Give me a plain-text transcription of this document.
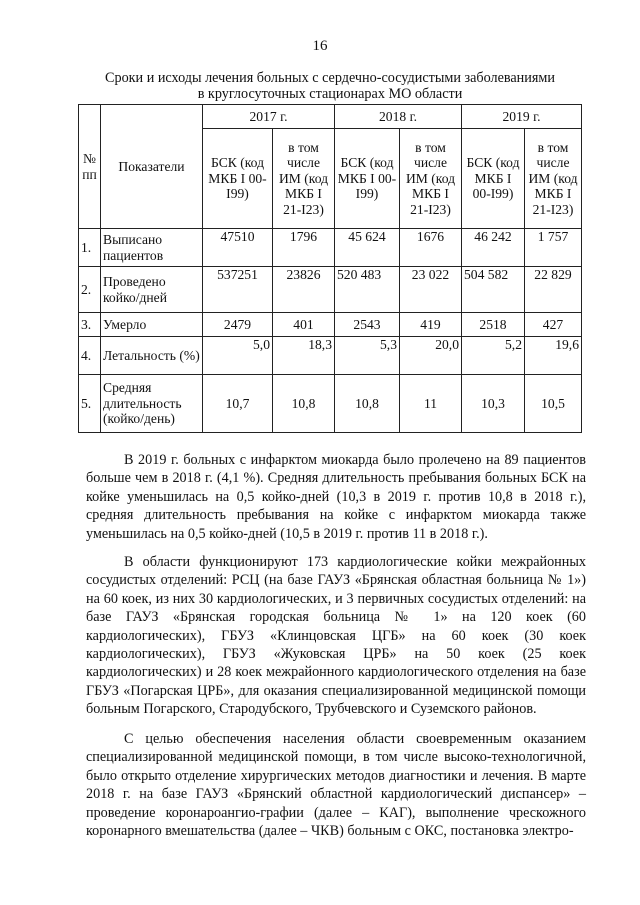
16
Сроки и исходы лечения больных с сердечно-сосудистыми заболеваниями
в круглосуточных стационарах МО области
№ пп	Показатели	2017 г.		2018 г.		2019 г.	
		БСК (код МКБ I 00-I99)	в том числе ИМ (код МКБ I 21-I23)	БСК (код МКБ I 00-I99)	в том числе ИМ (код МКБ I 21-I23)	БСК (код МКБ I 00-I99)	в том числе ИМ (код МКБ I 21-I23)
1.	Выписано пациентов	47510	1796	45 624	1676	46 242	1 757
2.	Проведено койко/дней	537251	23826	520 483	23 022	504 582	22 829
3.	Умерло	2479	401	2543	419	2518	427
4.	Летальность (%)	5,0	18,3	5,3	20,0	5,2	19,6
5.	Средняя длительность (койко/день)	10,7	10,8	10,8	11	10,3	10,5

В 2019 г. больных с инфарктом миокарда было пролечено на 89 пациентов больше чем в 2018 г. (4,1 %). Средняя длительность пребывания больных БСК на койке уменьшилась на 0,5 койко-дней (10,3 в 2019 г. против 10,8 в 2018 г.), средняя длительность пребывания на койке с инфарктом миокарда также уменьшилась на 0,5 койко-дней (10,5 в 2019 г. против 11 в 2018 г.).

В области функционируют 173 кардиологические койки межрайонных сосудистых отделений: РСЦ (на базе ГАУЗ «Брянская областная больница № 1») на 60 коек, из них 30 кардиологических, и 3 первичных сосудистых отделений: на базе ГАУЗ «Брянская городская больница № 1» на 120 коек (60 кардиологических), ГБУЗ «Клинцовская ЦГБ» на 60 коек (30 коек кардиологических), ГБУЗ «Жуковская ЦРБ» на 50 коек (25 коек кардиологических) и 28 коек межрайонного кардиологического отделения на базе ГБУЗ «Погарская ЦРБ», для оказания специализированной медицинской помощи больным Погарского, Стародубского, Трубчевского и Суземского районов.

С целью обеспечения населения области своевременным оказанием специализированной медицинской помощи, в том числе высоко-технологичной, было открыто отделение хирургических методов диагностики и лечения. В марте 2018 г. на базе ГАУЗ «Брянский областной кардиологический диспансер» – проведение коронароангио-графии (далее – КАГ), выполнение чрескожного коронарного вмешательства (далее – ЧКВ) больным с ОКС, постановка электро-
